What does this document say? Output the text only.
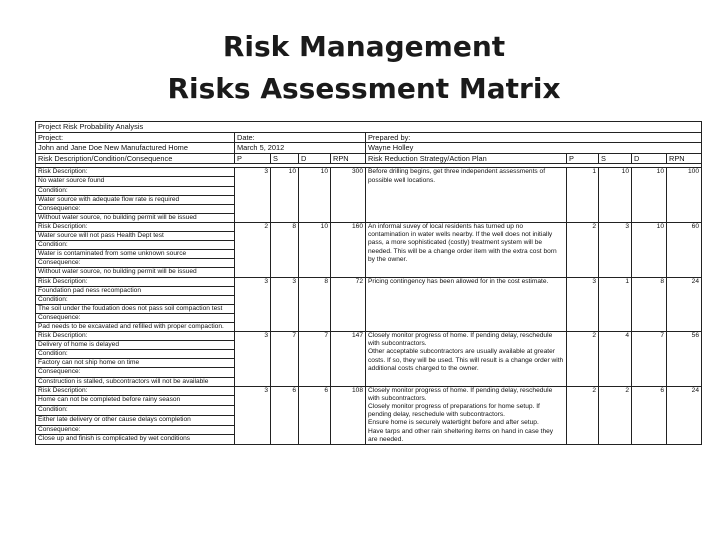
Risk Management
Risks Assessment Matrix
Project Risk Probability Analysis									
Project:	Date:				Prepared by:				
John and Jane Doe New Manufactured Home	March 5, 2012				Wayne Holley				
Risk Description/Condition/Consequence	P	S	D	RPN	Risk Reduction Strategy/Action Plan	P	S	D	RPN

Risk Description:	3	10	10	300	Before drilling begins, get three independent assessments of possible well locations.	1	10	10	100
No water source found									
Condition:									
Water source with adequate flow rate is required									
Consequence:									
Without water source, no building permit will be issued									
Risk Description:	2	8	10	160	An informal suvey of local residents has turned up no contamination in water wells nearby. If the well does not initially pass, a more sophisticated (costly) treatment system will be needed. This will be a change order item with the extra cost born by the owner.	2	3	10	60
Water source will not pass Health Dept test									
Condition:									
Water is contaminated from some unknown source									
Consequence:									
Without water source, no building permit will be issued									
Risk Description:	3	3	8	72	Pricing contingency has been allowed for in the cost estimate.	3	1	8	24
Foundation pad ness recompaction									
Condition:									
The soil under the foudation does not pass soil compaction test									
Consequence:									
Pad needs to be excavated and refilled with proper compaction.									
Risk Description:	3	7	7	147	Closely monitor progress of home. If pending delay, reschedule with subcontractors.
Other acceptable subcontractors are usually available at greater costs. If so, they will be used. This will result is a change order with additional costs charged to the owner.	2	4	7	56
Delivery of home is delayed									
Condition:									
Factory can not ship home on time									
Consequence:									
Construction is stalled, subcontractors will not be available									
Risk Description:	3	6	6	108	Closely monitor progress of home. If pending delay, reschedule with subcontractors.
Closely monitor progress of preparations for home setup. If pending delay, reschedule with subcontractors.
Ensure home is securely watertight before and after setup.
Have tarps and other rain sheltering items on hand in case they are needed.	2	2	6	24
Home can not be completed before rainy season									
Condition:									
Either late delivery or other cause delays completion									
Consequence:									
Close up and finish is complicated by wet conditions									
